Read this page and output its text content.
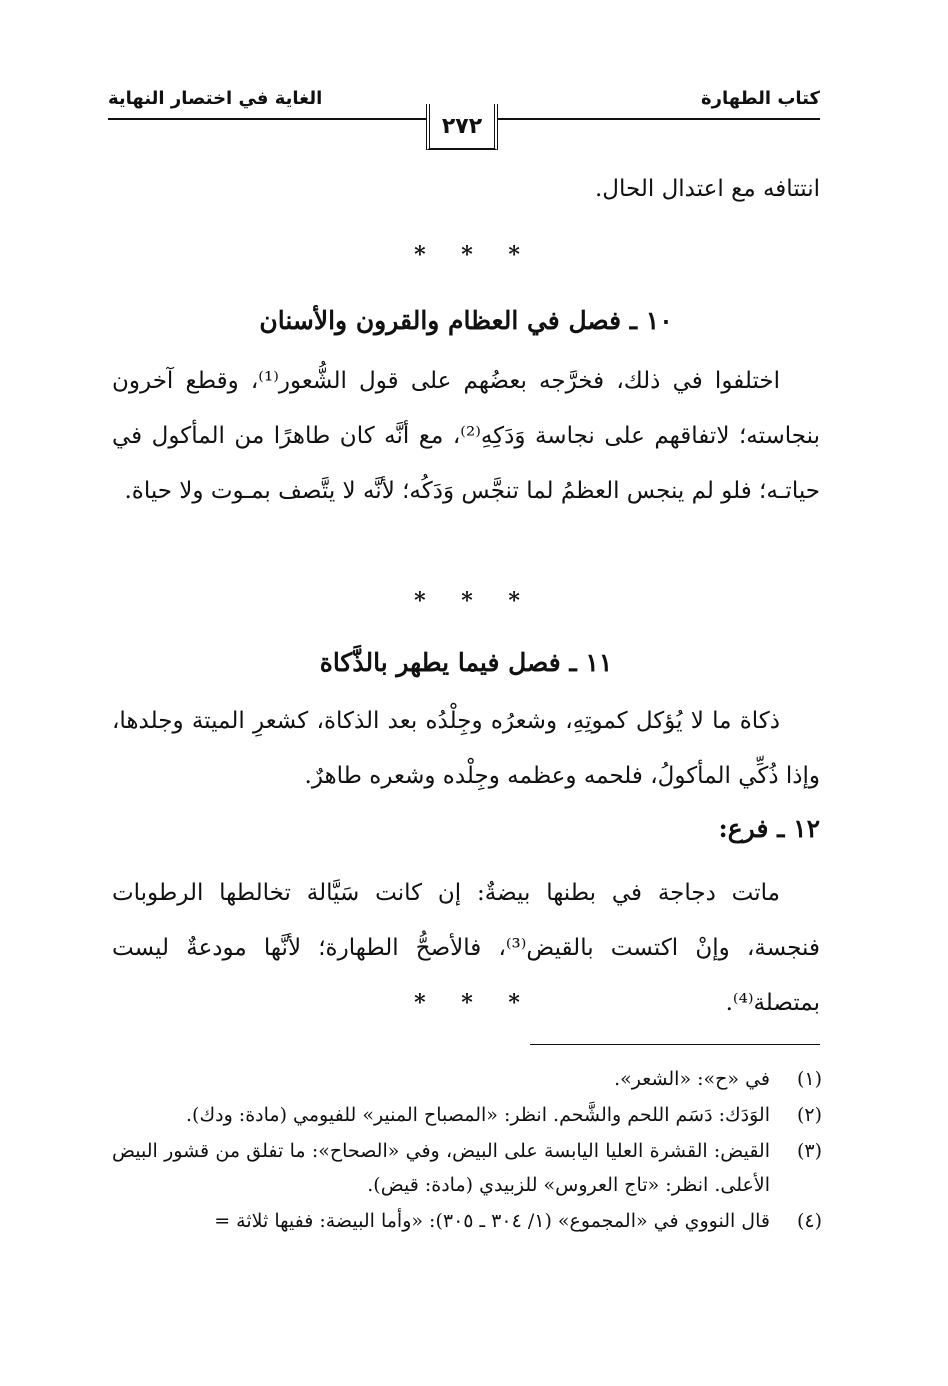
كتاب الطهارة
الغاية في اختصار النهاية
٢٧٢
انتتافه مع اعتدال الحال.
* * *
١٠ ـ فصل في العظام والقرون والأسنان
اختلفوا في ذلك، فخرَّجه بعضُهم على قول الشُّعور⁽¹⁾، وقطع آخرون بنجاسته؛ لاتفاقهم على نجاسة وَدَكِهِ⁽²⁾، مع أنَّه كان طاهرًا من المأكول في حياتـه؛ فلو لم ينجس العظمُ لما تنجَّس وَدَكُه؛ لأنَّه لا يتَّصف بمـوت ولا حياة.
* * *
١١ ـ فصل فيما يطهر بالذَّكاة
ذكاة ما لا يُؤكل كموتِهِ، وشعرُه وجِلْدُه بعد الذكاة، كشعرِ الميتة وجلدها، وإذا ذُكِّي المأكولُ، فلحمه وعظمه وجِلْده وشعره طاهرٌ.
١٢ ـ فرع:
ماتت دجاجة في بطنها بيضةٌ: إن كانت سَيَّالة تخالطها الرطوبات فنجسة، وإنْ اكتست بالقيض⁽³⁾، فالأصحُّ الطهارة؛ لأنَّها مودعةٌ ليست بمتصلة⁽⁴⁾.
* * *
(١)
في «ح»: «الشعر».
(٢)
الوَدَك: دَسَم اللحم والشَّحم. انظر: «المصباح المنير» للفيومي (مادة: ودك).
(٣)
القيض: القشرة العليا اليابسة على البيض، وفي «الصحاح»: ما تفلق من قشور البيض الأعلى. انظر: «تاج العروس» للزبيدي (مادة: قيض).
(٤)
قال النووي في «المجموع» (١/ ٣٠٤ ـ ٣٠٥): «وأما البيضة: ففيها ثلاثة =
